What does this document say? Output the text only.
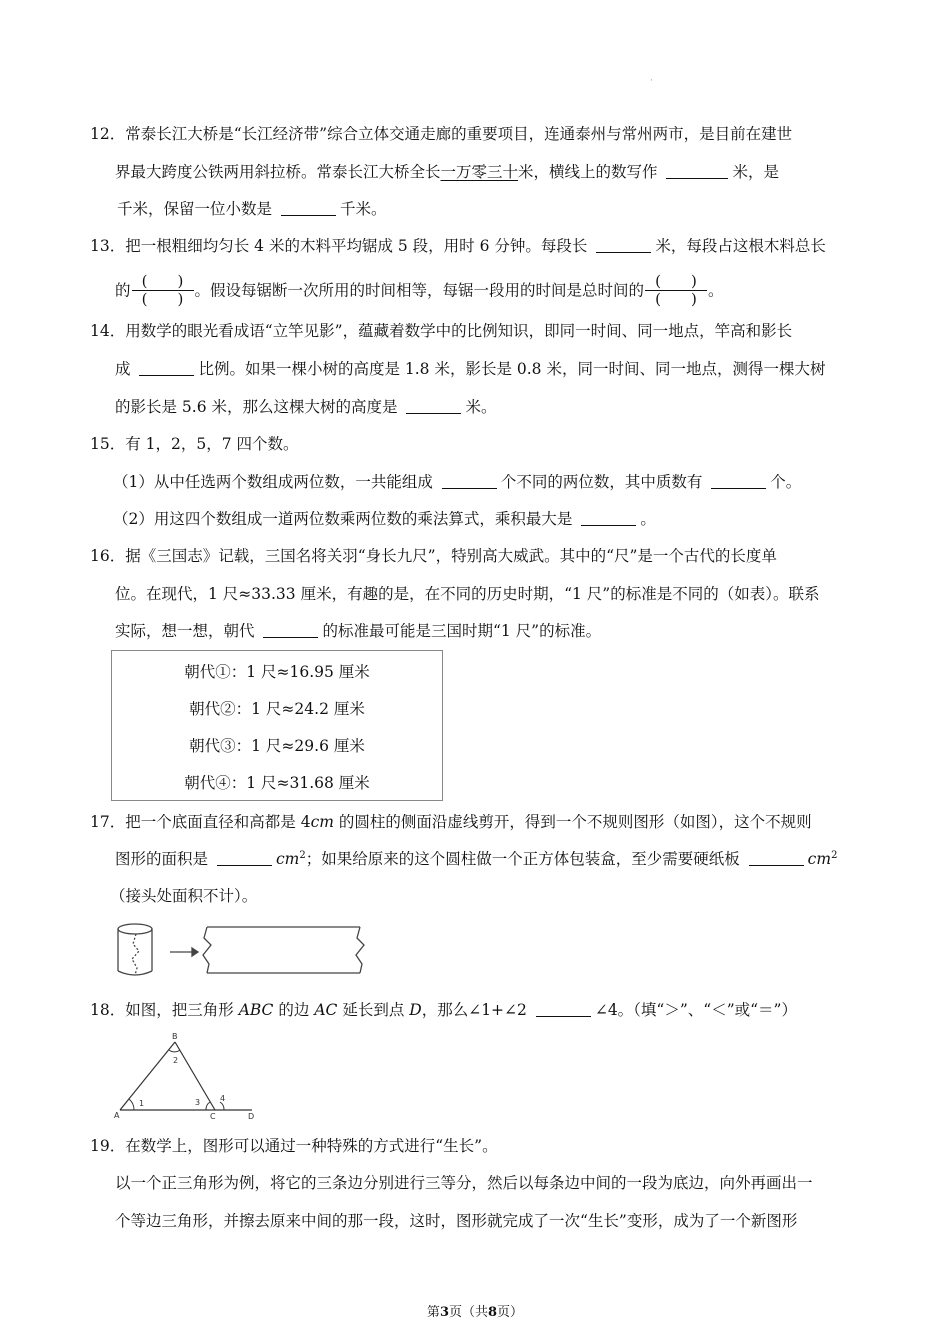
·
12．常泰长江大桥是“长江经济带”综合立体交通走廊的重要项目，连通泰州与常州两市，是目前在建世
界最大跨度公铁两用斜拉桥。常泰长江大桥全长一万零三十米，横线上的数写作	米，是
千米，保留一位小数是	千米。
13．把一根粗细均匀长 4 米的木料平均锯成 5 段，用时 6 分钟。每段长	米，每段占这根木料总长
的 $\frac{( )}{( )}$ 。假设每锯断一次所用的时间相等，每锯一段用的时间是总时间的 $\frac{( )}{( )}$ 。
14．用数学的眼光看成语“立竿见影”，蕴藏着数学中的比例知识，即同一时间、同一地点，竿高和影长
成	比例。如果一棵小树的高度是 1.8 米，影长是 0.8 米，同一时间、同一地点，测得一棵大树
的影长是 5.6 米，那么这棵大树的高度是	米。
15．有 1，2，5，7 四个数。
（1）从中任选两个数组成两位数，一共能组成	个不同的两位数，其中质数有	个。
（2）用这四个数组成一道两位数乘两位数的乘法算式，乘积最大是	。
16．据《三国志》记载，三国名将关羽“身长九尺”，特别高大威武。其中的“尺”是一个古代的长度单
位。在现代，1 尺≈33.33 厘米，有趣的是，在不同的历史时期，“1 尺”的标准是不同的（如表）。联系
实际，想一想，朝代	的标准最可能是三国时期“1 尺”的标准。
朝代①：1 尺≈16.95 厘米
朝代②：1 尺≈24.2 厘米
朝代③：1 尺≈29.6 厘米
朝代④：1 尺≈31.68 厘米
17．把一个底面直径和高都是 4cm 的圆柱的侧面沿虚线剪开，得到一个不规则图形（如图），这个不规则
图形的面积是	$cm^2$；如果给原来的这个圆柱做一个正方体包装盒，至少需要硬纸板	$cm^2$
（接头处面积不计）。
18．如图，把三角形 ABC 的边 AC 延长到点 D，那么∠1+∠2	∠4。（填“＞”、“＜”或“＝”）
B
A	C	D
1
2
3 4
19．在数学上，图形可以通过一种特殊的方式进行“生长”。
以一个正三角形为例，将它的三条边分别进行三等分，然后以每条边中间的一段为底边，向外再画出一
个等边三角形，并擦去原来中间的那一段，这时，图形就完成了一次“生长”变形，成为了一个新图形
第3页（共8页）
